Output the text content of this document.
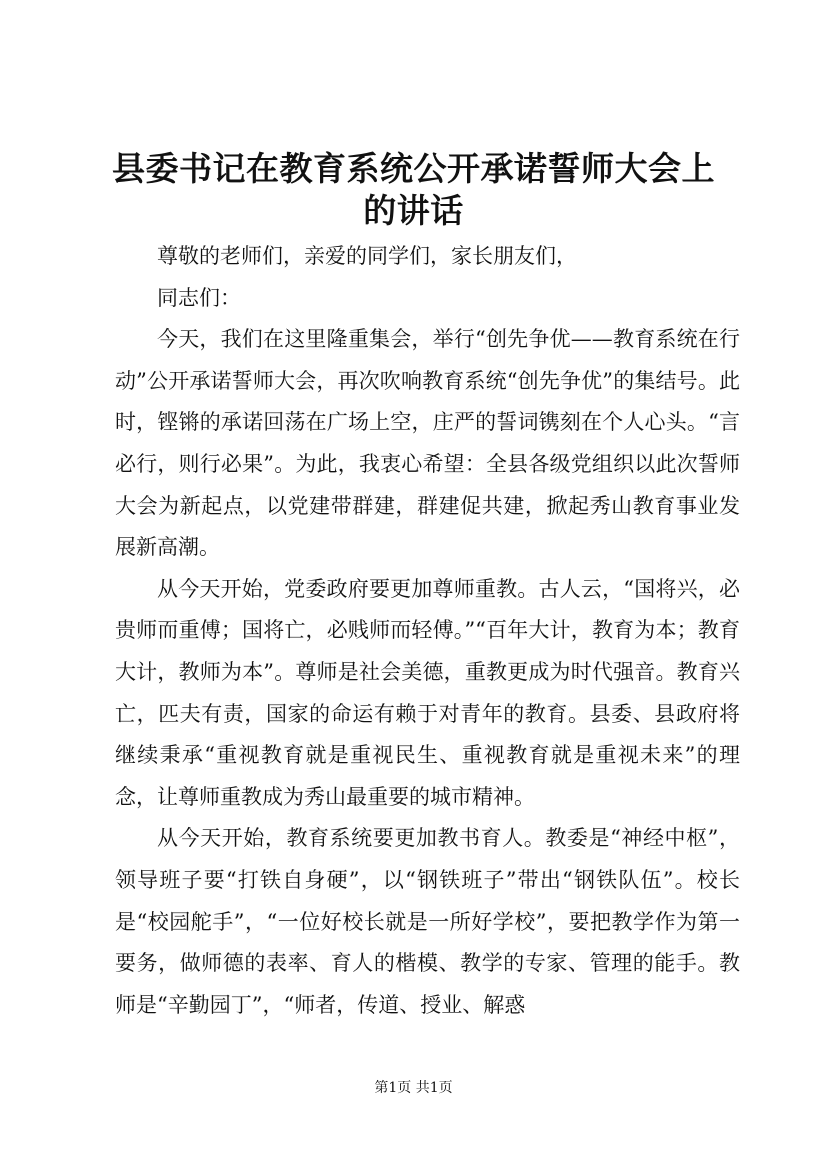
县委书记在教育系统公开承诺誓师大会上的讲话

尊敬的老师们，亲爱的同学们，家长朋友们，

同志们：

今天，我们在这里隆重集会，举行“创先争优——教育系统在行动”公开承诺誓师大会，再次吹响教育系统“创先争优”的集结号。此时，铿锵的承诺回荡在广场上空，庄严的誓词镌刻在个人心头。“言必行，则行必果”。为此，我衷心希望：全县各级党组织以此次誓师大会为新起点，以党建带群建，群建促共建，掀起秀山教育事业发展新高潮。

从今天开始，党委政府要更加尊师重教。古人云，“国将兴，必贵师而重傅；国将亡，必贱师而轻傅。”“百年大计，教育为本；教育大计，教师为本”。尊师是社会美德，重教更成为时代强音。教育兴亡，匹夫有责，国家的命运有赖于对青年的教育。县委、县政府将继续秉承“重视教育就是重视民生、重视教育就是重视未来”的理念，让尊师重教成为秀山最重要的城市精神。

从今天开始，教育系统要更加教书育人。教委是“神经中枢”，领导班子要“打铁自身硬”，以“钢铁班子”带出“钢铁队伍”。校长是“校园舵手”，“一位好校长就是一所好学校”，要把教学作为第一要务，做师德的表率、育人的楷模、教学的专家、管理的能手。教师是“辛勤园丁”，“师者，传道、授业、解惑

第1页 共1页
